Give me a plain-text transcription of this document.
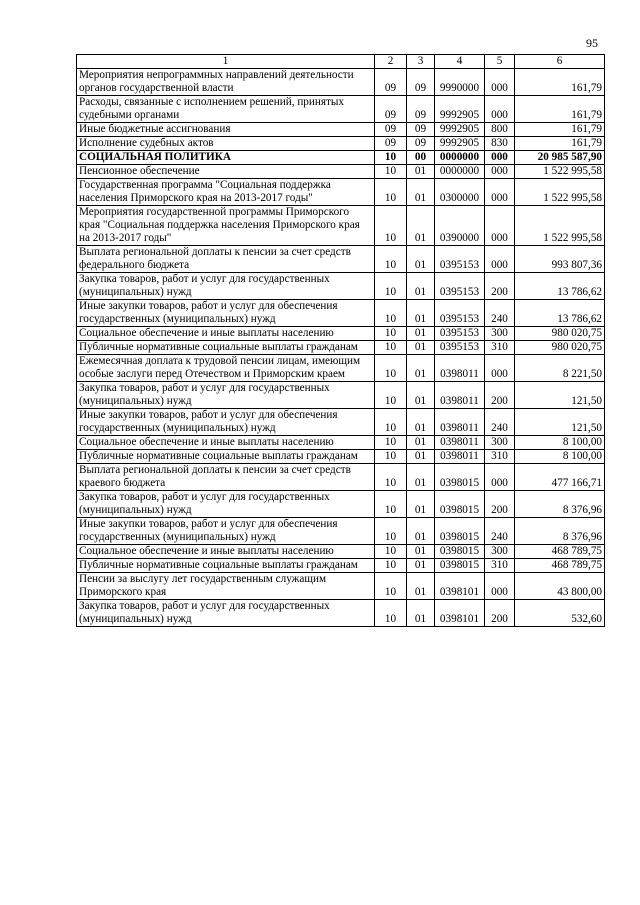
95
1	2	3	4	5	6
Мероприятия непрограммных направлений деятельности органов государственной власти	09	09	9990000	000	161,79
Расходы, связанные с исполнением решений, принятых судебными органами	09	09	9992905	000	161,79
Иные бюджетные ассигнования	09	09	9992905	800	161,79
Исполнение судебных актов	09	09	9992905	830	161,79
СОЦИАЛЬНАЯ ПОЛИТИКА	10	00	0000000	000	20 985 587,90
Пенсионное обеспечение	10	01	0000000	000	1 522 995,58
Государственная программа "Социальная поддержка населения Приморского края на 2013-2017 годы"	10	01	0300000	000	1 522 995,58
Мероприятия государственной программы Приморского края "Социальная поддержка населения Приморского края на 2013-2017 годы"	10	01	0390000	000	1 522 995,58
Выплата региональной доплаты к пенсии за счет средств федерального бюджета	10	01	0395153	000	993 807,36
Закупка товаров, работ и услуг для государственных (муниципальных) нужд	10	01	0395153	200	13 786,62
Иные закупки товаров, работ и услуг для обеспечения государственных (муниципальных) нужд	10	01	0395153	240	13 786,62
Социальное обеспечение и иные выплаты населению	10	01	0395153	300	980 020,75
Публичные нормативные социальные выплаты гражданам	10	01	0395153	310	980 020,75
Ежемесячная доплата к трудовой пенсии лицам, имеющим особые заслуги перед Отечеством и Приморским краем	10	01	0398011	000	8 221,50
Закупка товаров, работ и услуг для государственных (муниципальных) нужд	10	01	0398011	200	121,50
Иные закупки товаров, работ и услуг для обеспечения государственных (муниципальных) нужд	10	01	0398011	240	121,50
Социальное обеспечение и иные выплаты населению	10	01	0398011	300	8 100,00
Публичные нормативные социальные выплаты гражданам	10	01	0398011	310	8 100,00
Выплата региональной доплаты к пенсии за счет средств краевого бюджета	10	01	0398015	000	477 166,71
Закупка товаров, работ и услуг для государственных (муниципальных) нужд	10	01	0398015	200	8 376,96
Иные закупки товаров, работ и услуг для обеспечения государственных (муниципальных) нужд	10	01	0398015	240	8 376,96
Социальное обеспечение и иные выплаты населению	10	01	0398015	300	468 789,75
Публичные нормативные социальные выплаты гражданам	10	01	0398015	310	468 789,75
Пенсии за выслугу лет государственным служащим Приморского края	10	01	0398101	000	43 800,00
Закупка товаров, работ и услуг для государственных (муниципальных) нужд	10	01	0398101	200	532,60
